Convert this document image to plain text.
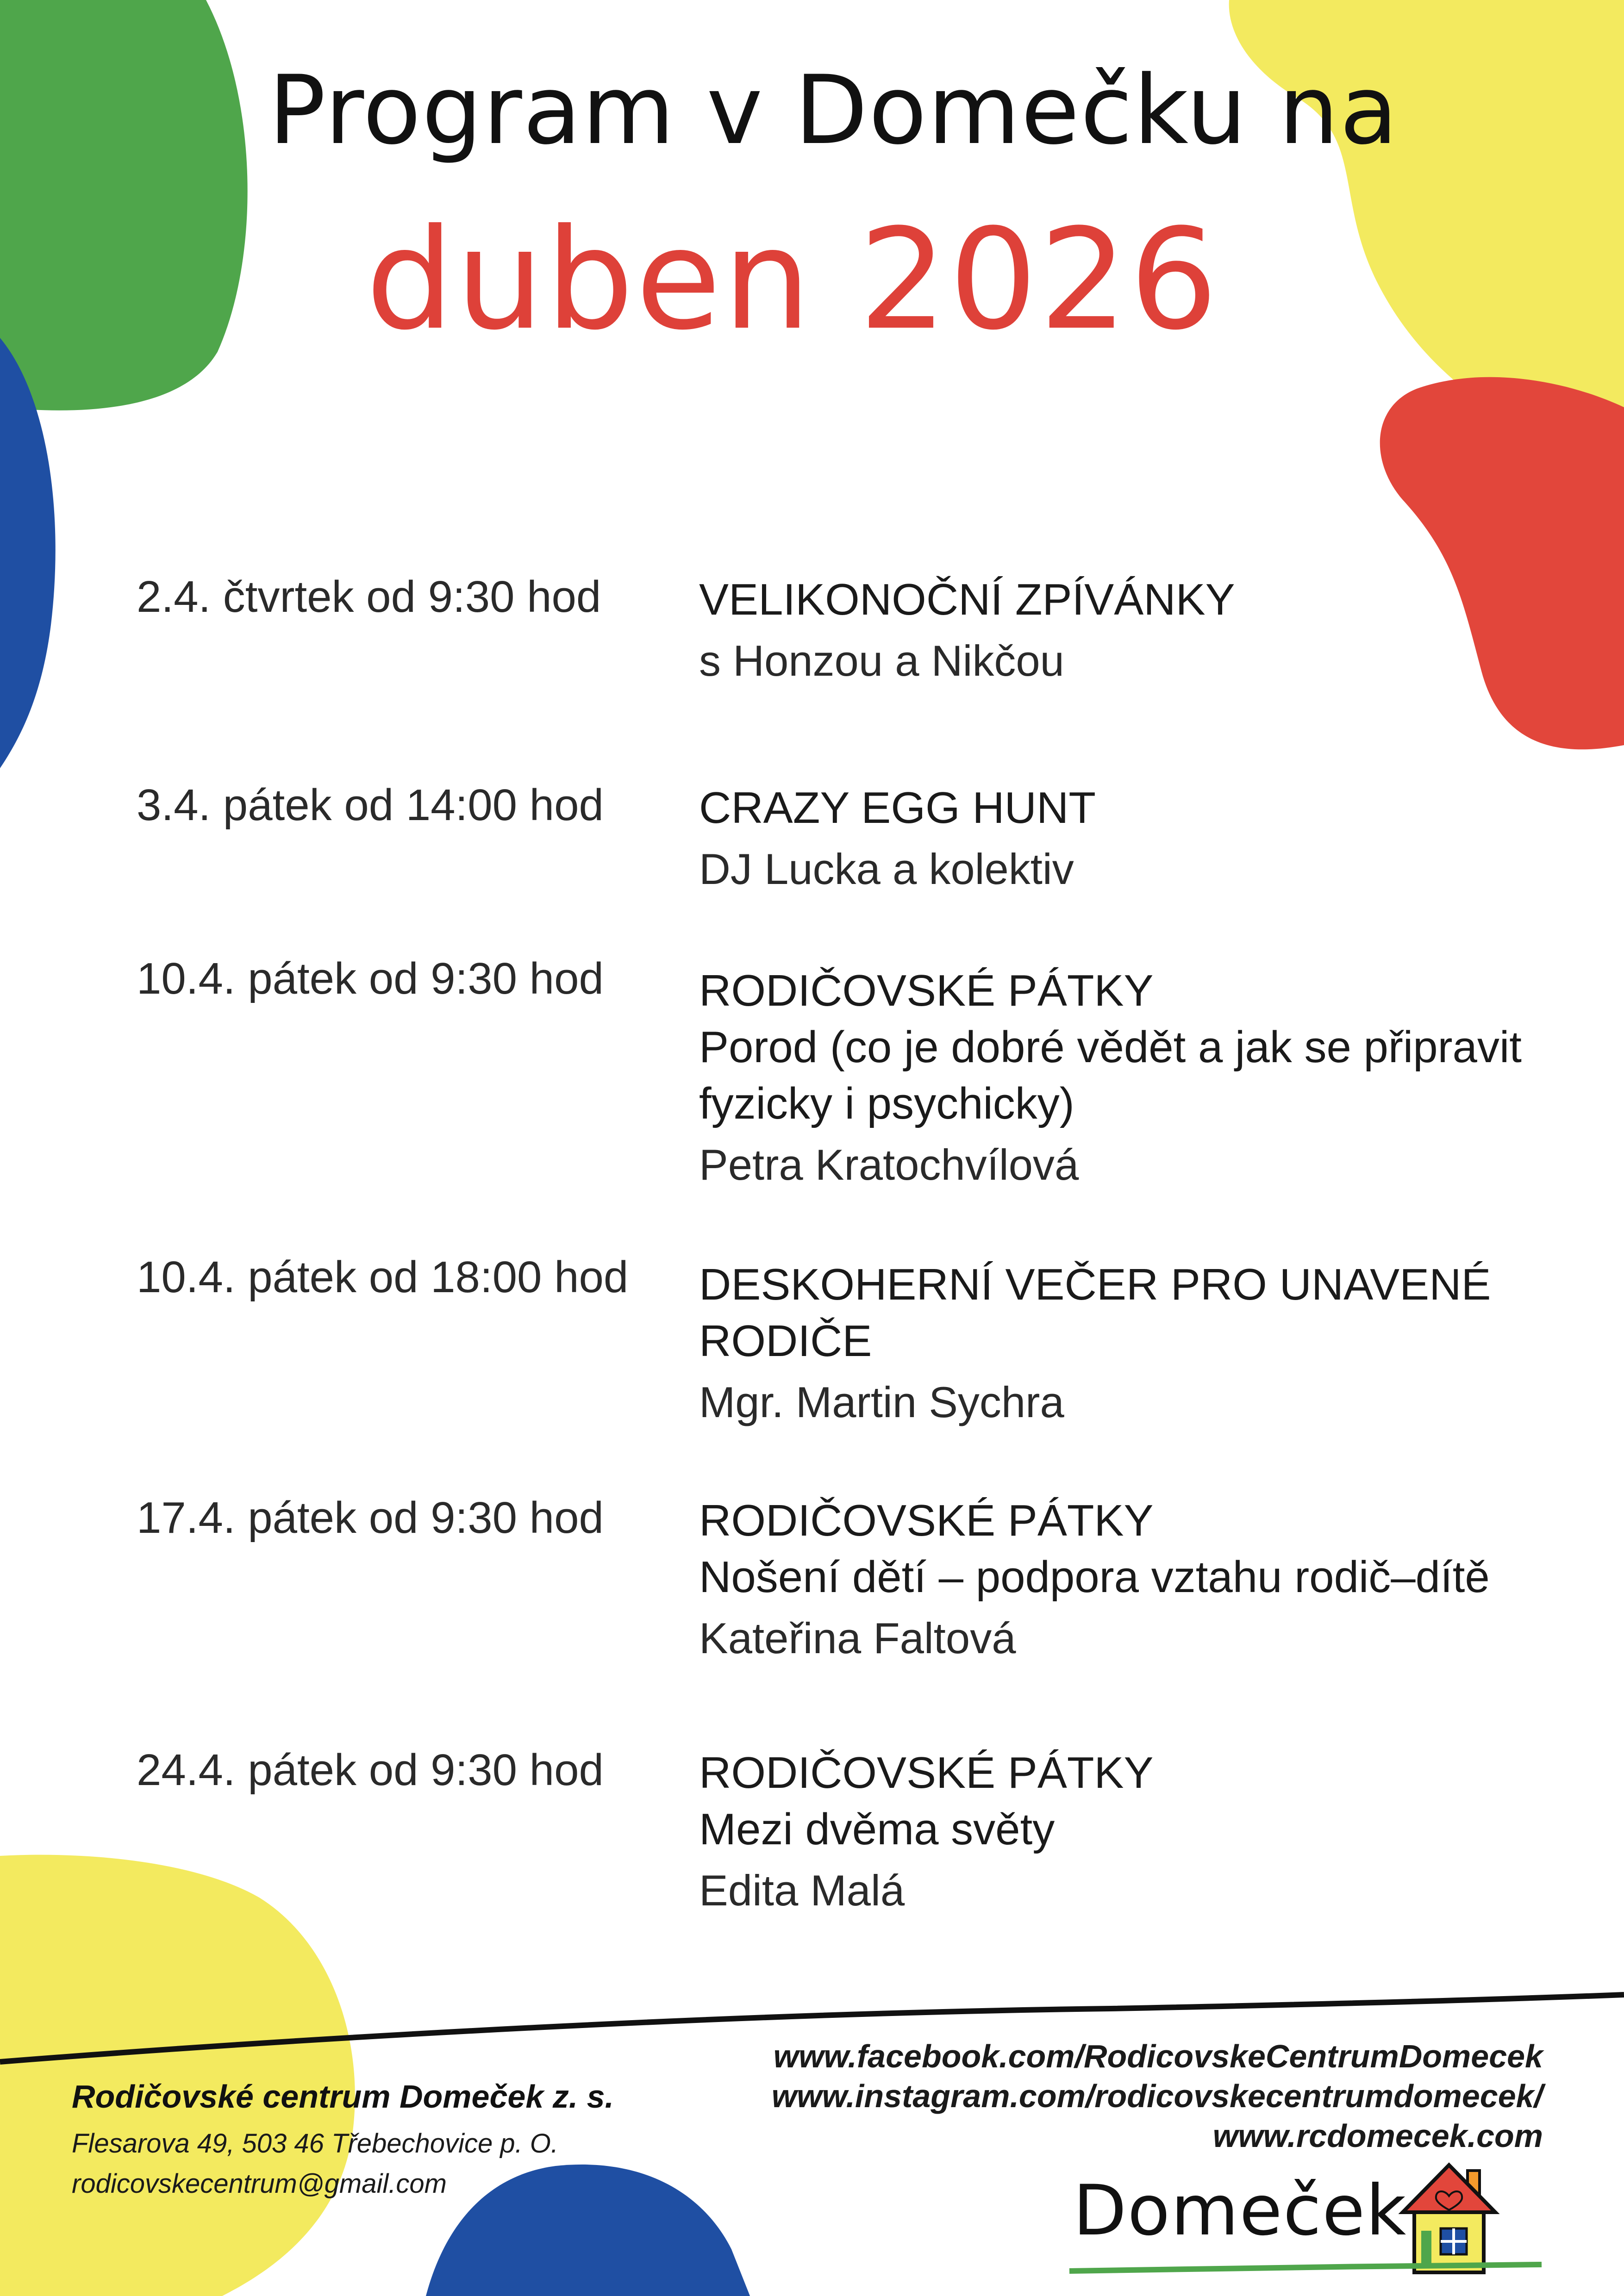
Program v Domečku na
duben 2026
2.4. čtvrtek od 9:30 hod VELIKONOČNÍ ZPÍVÁNKY
s Honzou a Nikčou
3.4. pátek od 14:00 hod CRAZY EGG HUNT
DJ Lucka a kolektiv
10.4. pátek od 9:30 hod RODIČOVSKÉ PÁTKY
Porod (co je dobré vědět a jak se připravit fyzicky i psychicky)
Petra Kratochvílová
10.4. pátek od 18:00 hod DESKOHERNÍ VEČER PRO UNAVENÉ RODIČE
Mgr. Martin Sychra
17.4. pátek od 9:30 hod RODIČOVSKÉ PÁTKY
Nošení dětí – podpora vztahu rodič–dítě
Kateřina Faltová
24.4. pátek od 9:30 hod RODIČOVSKÉ PÁTKY
Mezi dvěma světy
Edita Malá
Rodičovské centrum Domeček z. s.
Flesarova 49, 503 46 Třebechovice p. O.
rodicovskecentrum@gmail.com
www.facebook.com/RodicovskeCentrumDomecek
www.instagram.com/rodicovskecentrumdomecek/
www.rcdomecek.com
Domeček
